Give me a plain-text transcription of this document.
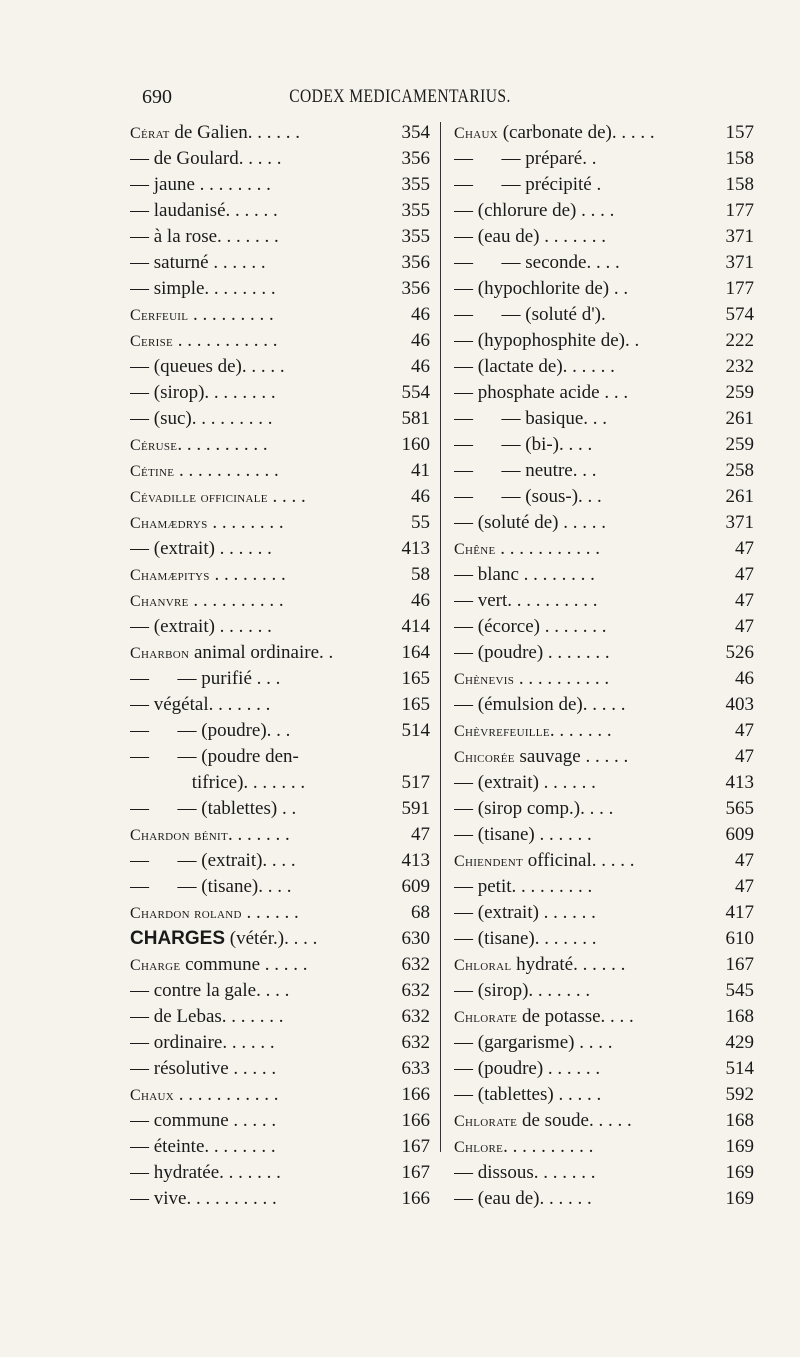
690	CODEX MEDICAMENTARIUS.
Cérat de Galien. . . . . .	354
— de Goulard. . . . .	356
— jaune . . . . . . . .	355
— laudanisé. . . . . .	355
— à la rose. . . . . . .	355
— saturné . . . . . .	356
— simple. . . . . . . .	356
Cerfeuil . . . . . . . . .	46
Cerise . . . . . . . . . . .	46
— (queues de). . . . .	46
— (sirop). . . . . . . .	554
— (suc). . . . . . . . .	581
Céruse. . . . . . . . . .	160
Cétine . . . . . . . . . . .	41
Cévadille officinale . . . .	46
Chamædrys . . . . . . . .	55
— (extrait) . . . . . .	413
Chamæpitys . . . . . . . .	58
Chanvre . . . . . . . . . .	46
— (extrait) . . . . . .	414
Charbon animal ordinaire. .	164
—      — purifié . . .	165
— végétal. . . . . . .	165
—      — (poudre). . .	514
—      — (poudre den-
tifrice). . . . . . .	517
—      — (tablettes) . .	591
Chardon bénit. . . . . . .	47
—      — (extrait). . . .	413
—      — (tisane). . . .	609
Chardon roland . . . . . .	68
CHARGES (vétér.). . . .	630
Charge commune . . . . .	632
— contre la gale. . . .	632
— de Lebas. . . . . . .	632
— ordinaire. . . . . .	632
— résolutive . . . . .	633
Chaux . . . . . . . . . . .	166
— commune . . . . .	166
— éteinte. . . . . . . .	167
— hydratée. . . . . . .	167
— vive. . . . . . . . . .	166
Chaux (carbonate de). . . . .	157
—      — préparé. .	158
—      — précipité .	158
— (chlorure de) . . . .	177
— (eau de) . . . . . . .	371
—      — seconde. . . .	371
— (hypochlorite de) . .	177
—      — (soluté d').	574
— (hypophosphite de). .	222
— (lactate de). . . . . .	232
— phosphate acide . . .	259
—      — basique. . .	261
—      — (bi-). . . .	259
—      — neutre. . .	258
—      — (sous-). . .	261
— (soluté de) . . . . .	371
Chêne . . . . . . . . . . .	47
— blanc . . . . . . . .	47
— vert. . . . . . . . . .	47
— (écorce) . . . . . . .	47
— (poudre) . . . . . . .	526
Chènevis . . . . . . . . . .	46
— (émulsion de). . . . .	403
Chèvrefeuille. . . . . . .	47
Chicorée sauvage . . . . .	47
— (extrait) . . . . . .	413
— (sirop comp.). . . .	565
— (tisane) . . . . . .	609
Chiendent officinal. . . . .	47
— petit. . . . . . . . .	47
— (extrait) . . . . . .	417
— (tisane). . . . . . .	610
Chloral hydraté. . . . . .	167
— (sirop). . . . . . .	545
Chlorate de potasse. . . .	168
— (gargarisme) . . . .	429
— (poudre) . . . . . .	514
— (tablettes) . . . . .	592
Chlorate de soude. . . . .	168
Chlore. . . . . . . . . .	169
— dissous. . . . . . .	169
— (eau de). . . . . .	169
